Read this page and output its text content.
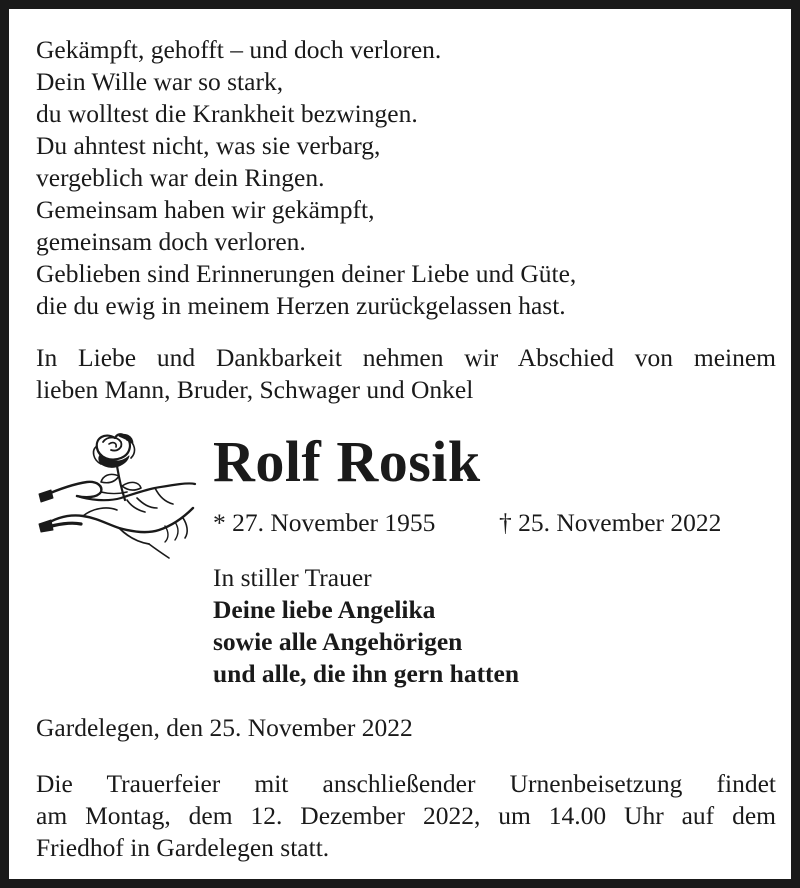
Gekämpft, gehofft – und doch verloren.
Dein Wille war so stark,
du wolltest die Krankheit bezwingen.
Du ahntest nicht, was sie verbarg,
vergeblich war dein Ringen.
Gemeinsam haben wir gekämpft,
gemeinsam doch verloren.
Geblieben sind Erinnerungen deiner Liebe und Güte,
die du ewig in meinem Herzen zurückgelassen hast.
In Liebe und Dankbarkeit nehmen wir Abschied von meinem
lieben Mann, Bruder, Schwager und Onkel
Rolf Rosik
* 27. November 1955 † 25. November 2022
In stiller Trauer
Deine liebe Angelika
sowie alle Angehörigen
und alle, die ihn gern hatten
Gardelegen, den 25. November 2022
Die Trauerfeier mit anschließender Urnenbeisetzung findet
am Montag, dem 12. Dezember 2022, um 14.00 Uhr auf dem
Friedhof in Gardelegen statt.
